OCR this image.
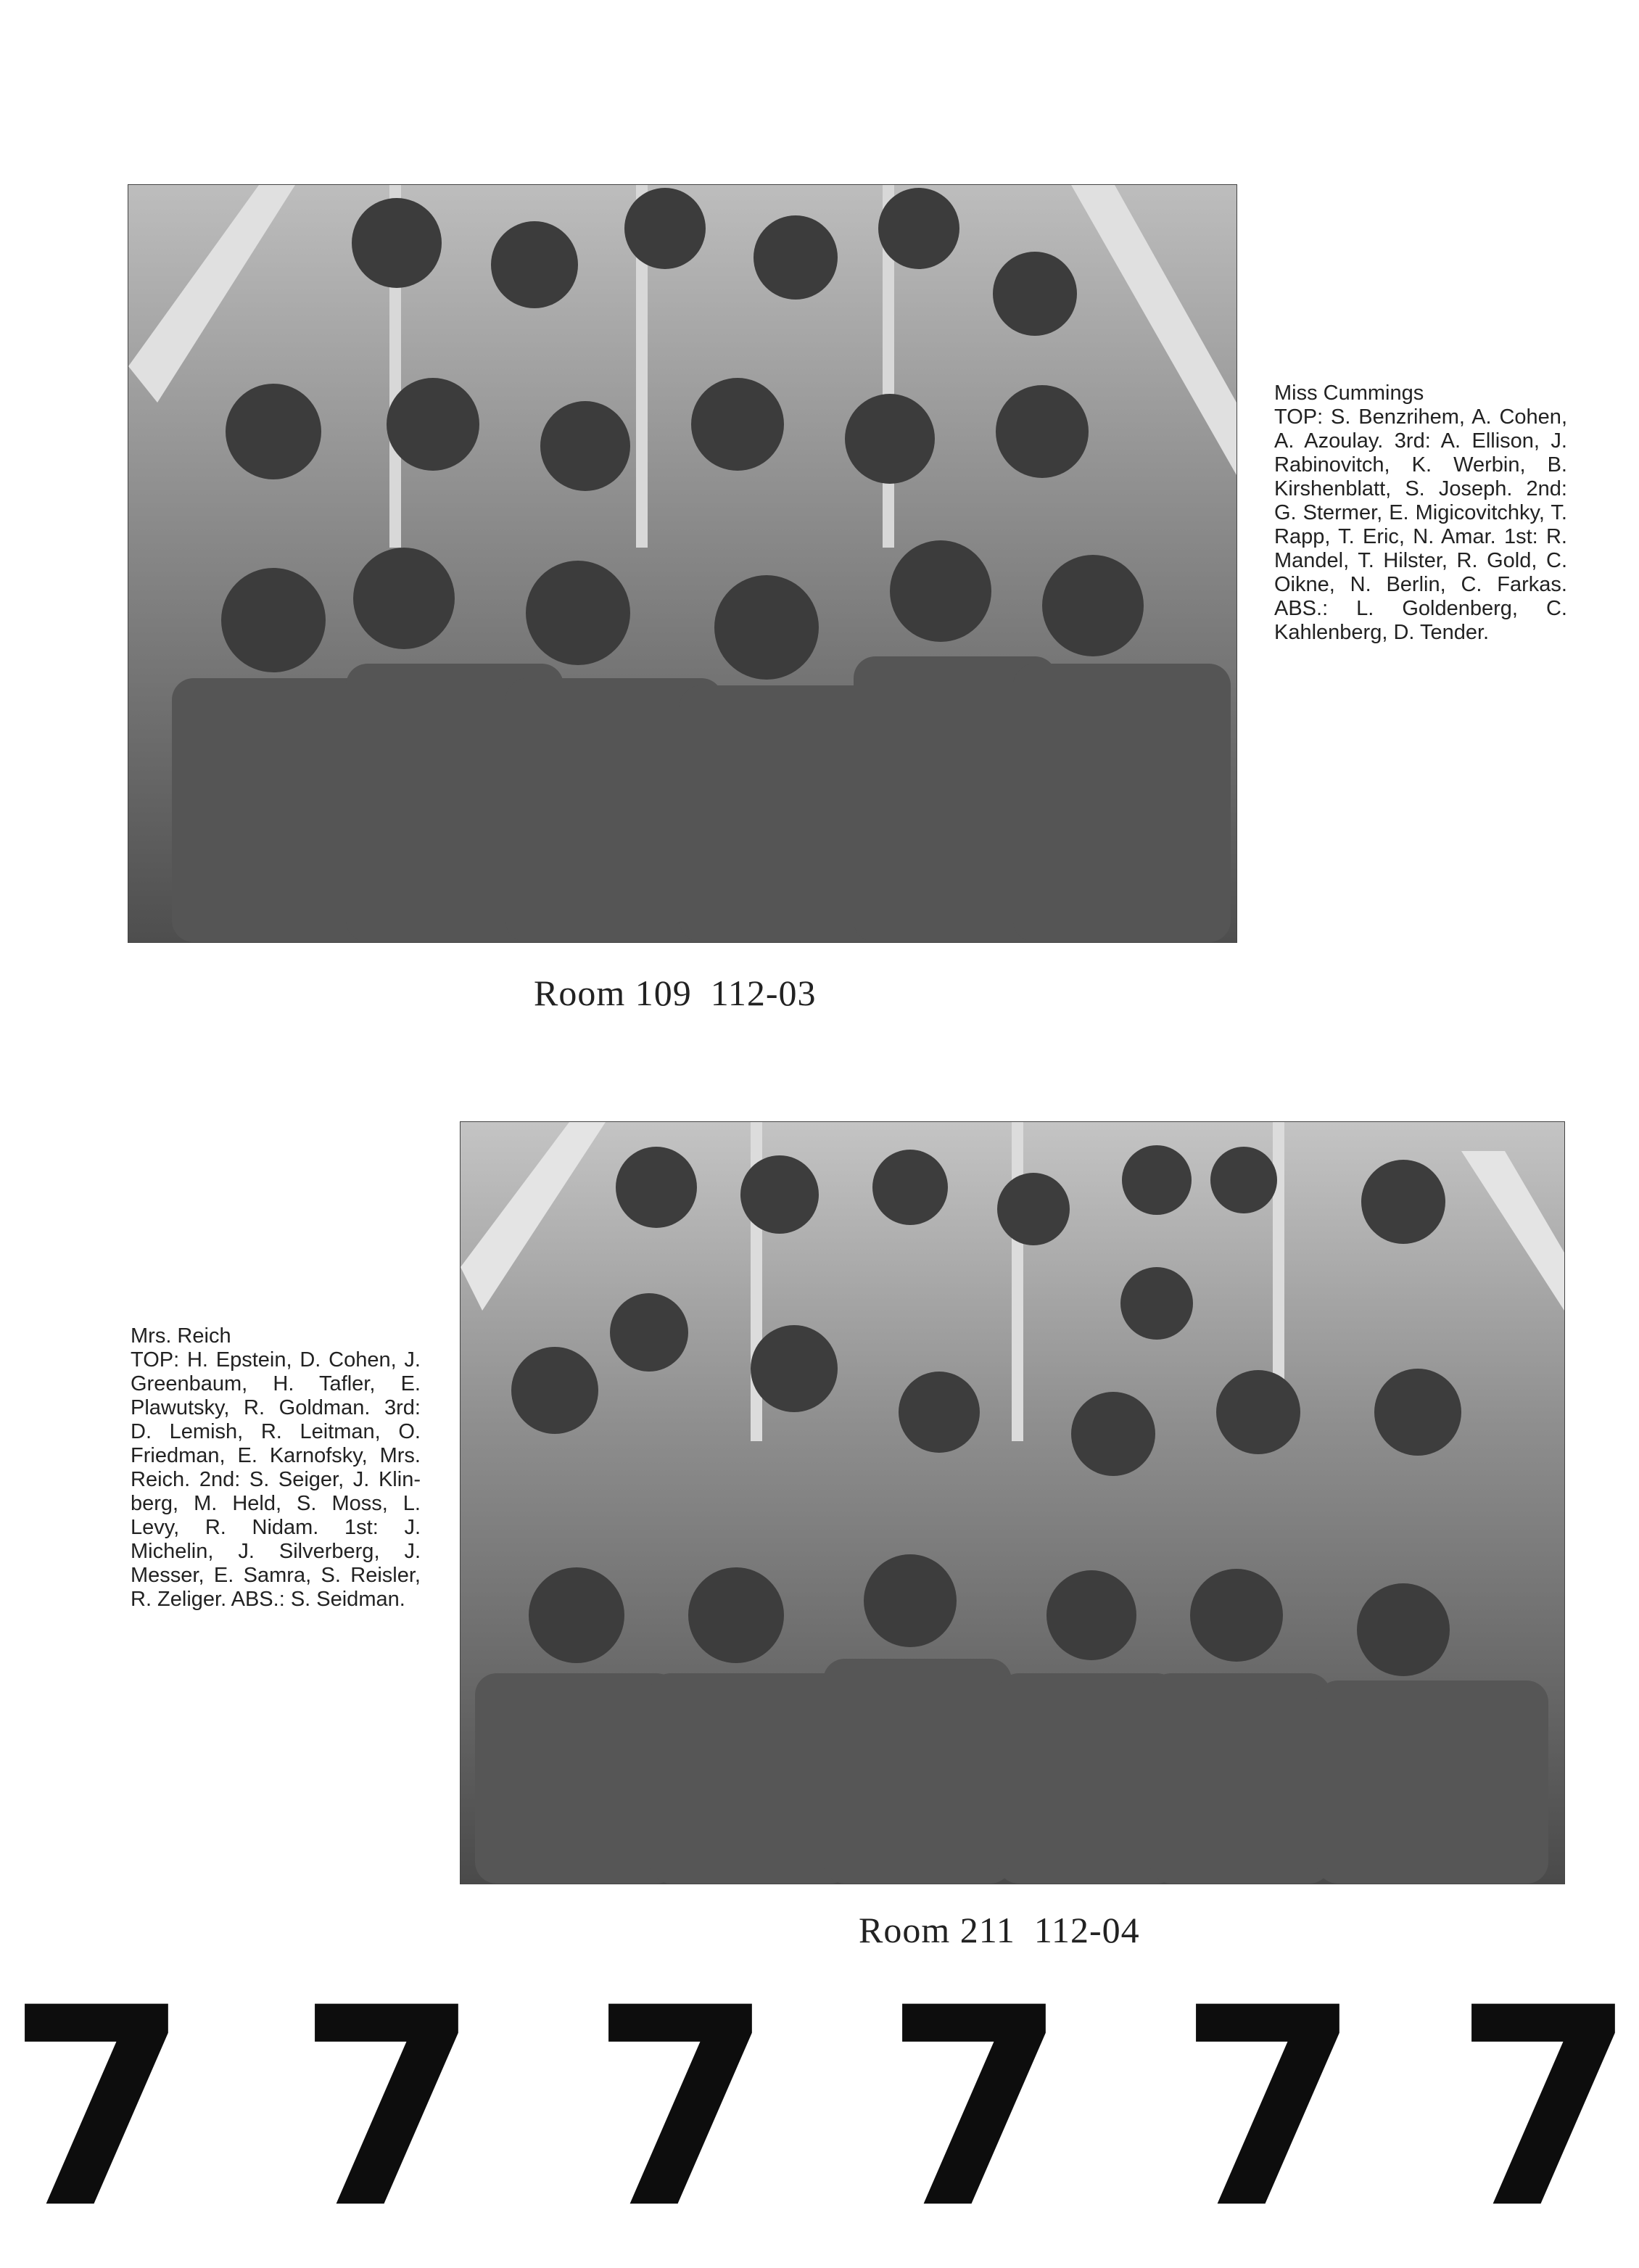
Miss Cummings
TOP: S. Benzrihem, A. Cohen, A. Azoulay. 3rd: A. Ellison, J. Rabinovitch, K. Werbin, B. Kirshenblatt, S. Joseph. 2nd: G. Stermer, E. Migicovitchky, T. Rapp, T. Eric, N. Amar. 1st: R. Mandel, T. Hilster, R. Gold, C. Oikne, N. Berlin, C. Farkas. ABS.: L. Goldenberg, C. Kahlenberg, D. Tender.
Room 109 112-03
Mrs. Reich
TOP: H. Epstein, D. Cohen, J. Greenbaum, H. Tafler, E. Plawutsky, R. Goldman. 3rd: D. Lemish, R. Leitman, O. Friedman, E. Karnofsky, Mrs. Reich. 2nd: S. Seiger, J. Klinberg, M. Held, S. Moss, L. Levy, R. Nidam. 1st: J. Michelin, J. Silverberg, J. Messer, E. Samra, S. Reisler, R. Zeliger. ABS.: S. Seidman.
Room 211 112-04
7 7 7 7 7 7
